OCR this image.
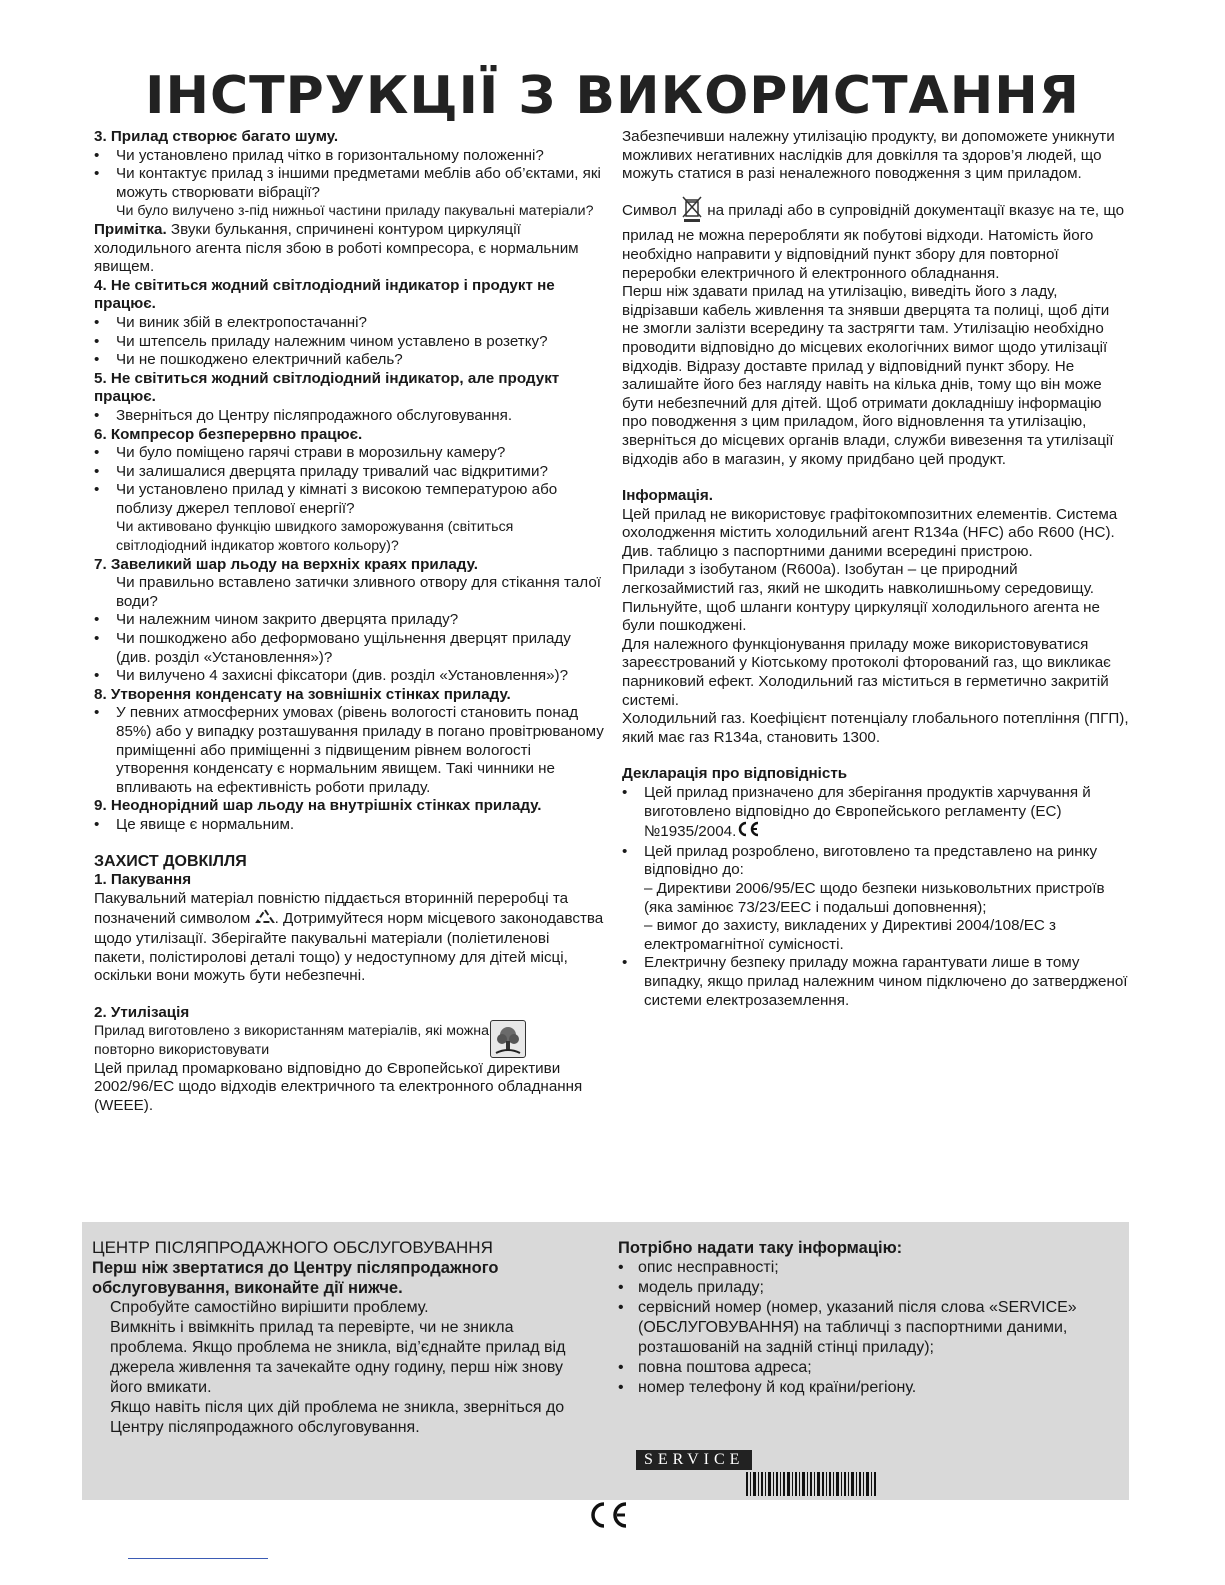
ІНСТРУКЦІЇ З ВИКОРИСТАННЯ
3. Прилад створює багато шуму.
• Чи установлено прилад чітко в горизонтальному положенні?
• Чи контактує прилад з іншими предметами меблів або об’єктами, які можуть створювати вібрації?
Чи було вилучено з-під нижньої частини приладу пакувальні матеріали?
Примітка. Звуки булькання, спричинені контуром циркуляції холодильного агента після збою в роботі компресора, є нормальним явищем.
4. Не світиться жодний світлодіодний індикатор і продукт не працює.
• Чи виник збій в електропостачанні?
• Чи штепсель приладу належним чином уставлено в розетку?
• Чи не пошкоджено електричний кабель?
5. Не світиться жодний світлодіодний індикатор, але продукт працює.
• Зверніться до Центру післяпродажного обслуговування.
6. Компресор безперервно працює.
• Чи було поміщено гарячі страви в морозильну камеру?
• Чи залишалися дверцята приладу тривалий час відкритими?
• Чи установлено прилад у кімнаті з високою температурою або поблизу джерел теплової енергії?
Чи активовано функцію швидкого заморожування (світиться світлодіодний індикатор жовтого кольору)?
7. Завеликий шар льоду на верхніх краях приладу.
Чи правильно вставлено затички зливного отвору для стікання талої води?
• Чи належним чином закрито дверцята приладу?
• Чи пошкоджено або деформовано ущільнення дверцят приладу (див. розділ «Установлення»)?
• Чи вилучено 4 захисні фіксатори (див. розділ «Установлення»)?
8. Утворення конденсату на зовнішніх стінках приладу.
• У певних атмосферних умовах (рівень вологості становить понад 85%) або у випадку розташування приладу в погано провітрюваному приміщенні або приміщенні з підвищеним рівнем вологості утворення конденсату є нормальним явищем. Такі чинники не впливають на ефективність роботи приладу.
9. Неоднорідний шар льоду на внутрішніх стінках приладу.
• Це явище є нормальним.
ЗАХИСТ ДОВКІЛЛЯ
1. Пакування
Пакувальний матеріал повністю піддається вторинній переробці та позначений символом . Дотримуйтеся норм місцевого законодавства щодо утилізації. Зберігайте пакувальні матеріали (поліетиленові пакети, полістиролові деталі тощо) у недоступному для дітей місці, оскільки вони можуть бути небезпечні.
2. Утилізація
Прилад виготовлено з використанням матеріалів, які можна повторно використовувати
Цей прилад промарковано відповідно до Європейської директиви 2002/96/EC щодо відходів електричного та електронного обладнання (WEEE).
Забезпечивши належну утилізацію продукту, ви допоможете уникнути можливих негативних наслідків для довкілля та здоров’я людей, що можуть статися в разі неналежного поводження з цим приладом.
Символ  на приладі або в супровідній документації вказує на те, що прилад не можна переробляти як побутові відходи. Натомість його необхідно направити у відповідний пункт збору для повторної переробки електричного й електронного обладнання.
Перш ніж здавати прилад на утилізацію, виведіть його з ладу, відрізавши кабель живлення та знявши дверцята та полиці, щоб діти не змогли залізти всередину та застрягти там. Утилізацію необхідно проводити відповідно до місцевих екологічних вимог щодо утилізації відходів. Відразу доставте прилад у відповідний пункт збору. Не залишайте його без нагляду навіть на кілька днів, тому що він може бути небезпечний для дітей. Щоб отримати докладнішу інформацію про поводження з цим приладом, його відновлення та утилізацію, зверніться до місцевих органів влади, служби вивезення та утилізації відходів або в магазин, у якому придбано цей продукт.
Інформація.
Цей прилад не використовує графітокомпозитних елементів. Система охолодження містить холодильний агент R134a (HFC) або R600 (HC). Див. таблицю з паспортними даними всередині пристрою.
Прилади з ізобутаном (R600a). Ізобутан – це природний легкозаймистий газ, який не шкодить навколишньому середовищу. Пильнуйте, щоб шланги контуру циркуляції холодильного агента не були пошкоджені.
Для належного функціонування приладу може використовуватися зареєстрований у Кіотському протоколі фторований газ, що викликає парниковий ефект. Холодильний газ міститься в герметично закритій системі.
Холодильний газ. Коефіцієнт потенціалу глобального потепління (ПГП), який має газ R134a, становить 1300.
Декларація про відповідність
• Цей прилад призначено для зберігання продуктів харчування й виготовлено відповідно до Європейського регламенту (ЕС) №1935/2004.
• Цей прилад розроблено, виготовлено та представлено на ринку відповідно до:
– Директиви 2006/95/EC щодо безпеки низьковольтних пристроїв (яка замінює 73/23/EEC і подальші доповнення);
– вимог до захисту, викладених у Директиві 2004/108/EC з електромагнітної сумісності.
• Електричну безпеку приладу можна гарантувати лише в тому випадку, якщо прилад належним чином підключено до затвердженої системи електрозаземлення.
ЦЕНТР ПІСЛЯПРОДАЖНОГО ОБСЛУГОВУВАННЯ
Перш ніж звертатися до Центру післяпродажного обслуговування, виконайте дії нижче.
Спробуйте самостійно вирішити проблему.
Вимкніть і ввімкніть прилад та перевірте, чи не зникла проблема. Якщо проблема не зникла, від’єднайте прилад від джерела живлення та зачекайте одну годину, перш ніж знову його вмикати.
Якщо навіть після цих дій проблема не зникла, зверніться до Центру післяпродажного обслуговування.
Потрібно надати таку інформацію:
• опис несправності;
• модель приладу;
• сервісний номер (номер, указаний після слова «SERVICE» (ОБСЛУГОВУВАННЯ) на табличці з паспортними даними, розташованій на задній стінці приладу);
• повна поштова адреса;
• номер телефону й код країни/регіону.
SERVICE
